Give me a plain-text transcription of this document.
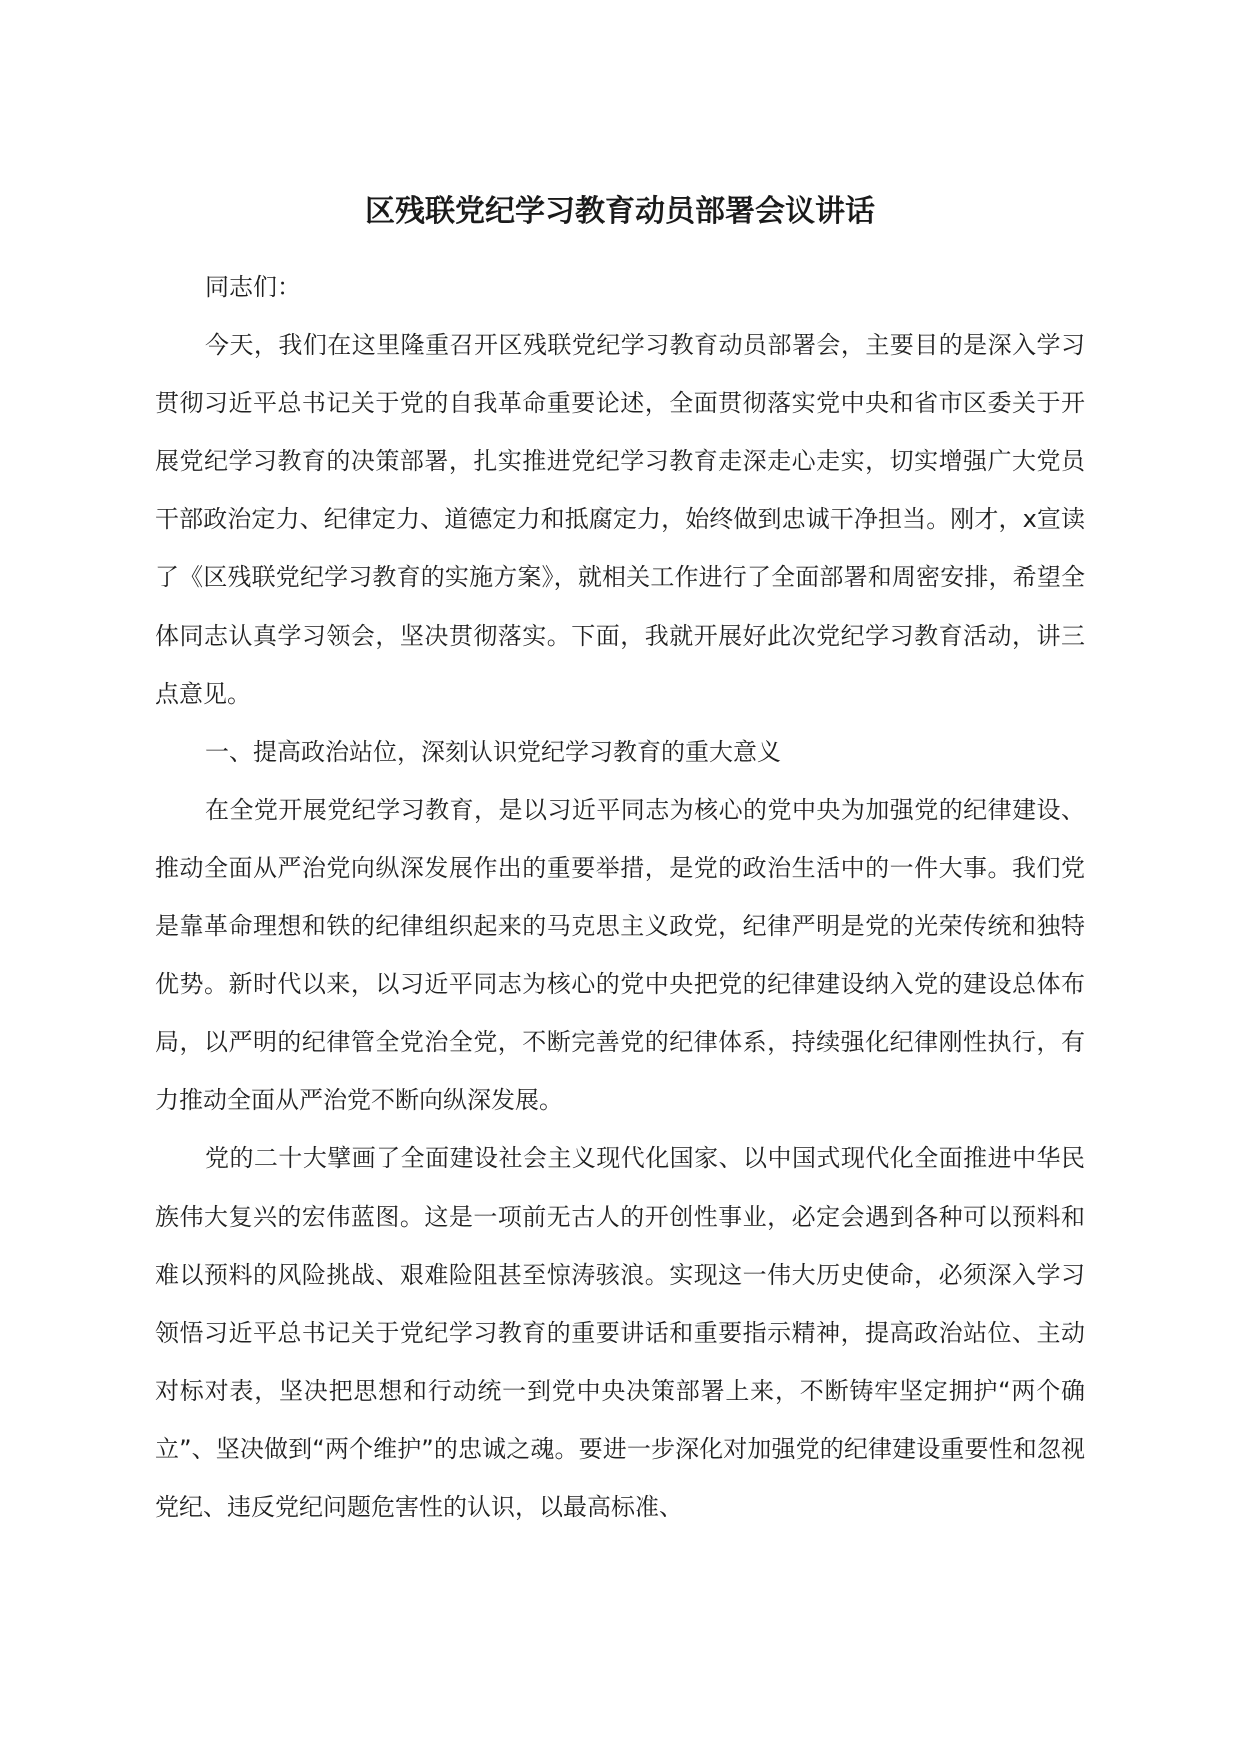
区残联党纪学习教育动员部署会议讲话

同志们：

今天，我们在这里隆重召开区残联党纪学习教育动员部署会，主要目的是深入学习贯彻习近平总书记关于党的自我革命重要论述，全面贯彻落实党中央和省市区委关于开展党纪学习教育的决策部署，扎实推进党纪学习教育走深走心走实，切实增强广大党员干部政治定力、纪律定力、道德定力和抵腐定力，始终做到忠诚干净担当。刚才，x宣读了《区残联党纪学习教育的实施方案》，就相关工作进行了全面部署和周密安排，希望全体同志认真学习领会，坚决贯彻落实。下面，我就开展好此次党纪学习教育活动，讲三点意见。

一、提高政治站位，深刻认识党纪学习教育的重大意义

在全党开展党纪学习教育，是以习近平同志为核心的党中央为加强党的纪律建设、推动全面从严治党向纵深发展作出的重要举措，是党的政治生活中的一件大事。我们党是靠革命理想和铁的纪律组织起来的马克思主义政党，纪律严明是党的光荣传统和独特优势。新时代以来，以习近平同志为核心的党中央把党的纪律建设纳入党的建设总体布局，以严明的纪律管全党治全党，不断完善党的纪律体系，持续强化纪律刚性执行，有力推动全面从严治党不断向纵深发展。

党的二十大擘画了全面建设社会主义现代化国家、以中国式现代化全面推进中华民族伟大复兴的宏伟蓝图。这是一项前无古人的开创性事业，必定会遇到各种可以预料和难以预料的风险挑战、艰难险阻甚至惊涛骇浪。实现这一伟大历史使命，必须深入学习领悟习近平总书记关于党纪学习教育的重要讲话和重要指示精神，提高政治站位、主动对标对表，坚决把思想和行动统一到党中央决策部署上来，不断铸牢坚定拥护“两个确立”、坚决做到“两个维护”的忠诚之魂。要进一步深化对加强党的纪律建设重要性和忽视党纪、违反党纪问题危害性的认识，以最高标准、
